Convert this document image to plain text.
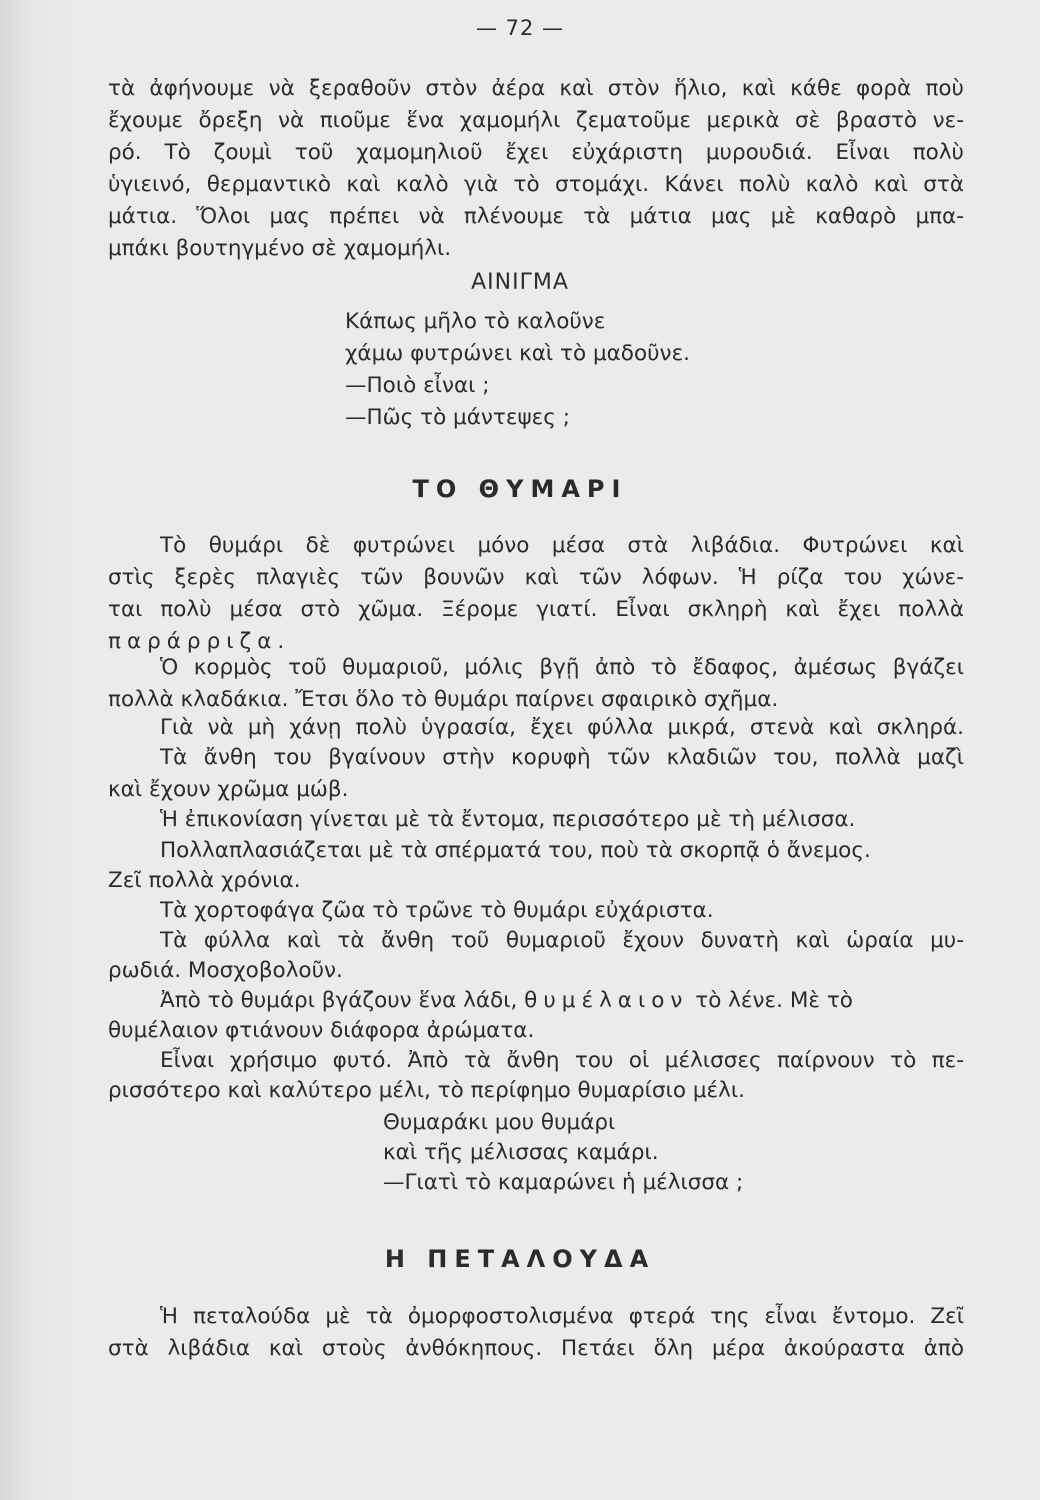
— 72 —
τὰ ἀφήνουμε νὰ ξεραθοῦν στὸν ἀέρα καὶ στὸν ἥλιο, καὶ κάθε φορὰ ποὺ
ἔχουμε ὄρεξη νὰ πιοῦμε ἕνα χαμομήλι ζεματοῦμε μερικὰ σὲ βραστὸ νε-
ρό. Τὸ ζουμὶ τοῦ χαμομηλιοῦ ἔχει εὐχάριστη μυρουδιά. Εἶναι πολὺ
ὑγιεινό, θερμαντικὸ καὶ καλὸ γιὰ τὸ στομάχι. Κάνει πολὺ καλὸ καὶ στὰ
μάτια. Ὅλοι μας πρέπει νὰ πλένουμε τὰ μάτια μας μὲ καθαρὸ μπα-
μπάκι βουτηγμένο σὲ χαμομήλι.
ΑΙΝΙΓΜΑ
Κάπως μῆλο τὸ καλοῦνε
χάμω φυτρώνει καὶ τὸ μαδοῦνε.
—Ποιὸ εἶναι ;
—Πῶς τὸ μάντεψες ;
ΤΟ ΘΥΜΑΡΙ
Τὸ θυμάρι δὲ φυτρώνει μόνο μέσα στὰ λιβάδια. Φυτρώνει καὶ
στὶς ξερὲς πλαγιὲς τῶν βουνῶν καὶ τῶν λόφων. Ἡ ρίζα του χώνε-
ται πολὺ μέσα στὸ χῶμα. Ξέρομε γιατί. Εἶναι σκληρὴ καὶ ἔχει πολλὰ
παράρριζα.
Ὁ κορμὸς τοῦ θυμαριοῦ, μόλις βγῇ ἀπὸ τὸ ἔδαφος, ἀμέσως βγάζει
πολλὰ κλαδάκια. Ἔτσι ὅλο τὸ θυμάρι παίρνει σφαιρικὸ σχῆμα.
Γιὰ νὰ μὴ χάνῃ πολὺ ὑγρασία, ἔχει φύλλα μικρά, στενὰ καὶ σκληρά.
Τὰ ἄνθη του βγαίνουν στὴν κορυφὴ τῶν κλαδιῶν του, πολλὰ μαζὶ
καὶ ἔχουν χρῶμα μώβ.
Ἡ ἐπικονίαση γίνεται μὲ τὰ ἔντομα, περισσότερο μὲ τὴ μέλισσα.
Πολλαπλασιάζεται μὲ τὰ σπέρματά του, ποὺ τὰ σκορπᾷ ὁ ἄνεμος.
Ζεῖ πολλὰ χρόνια.
Τὰ χορτοφάγα ζῶα τὸ τρῶνε τὸ θυμάρι εὐχάριστα.
Τὰ φύλλα καὶ τὰ ἄνθη τοῦ θυμαριοῦ ἔχουν δυνατὴ καὶ ὡραία μυ-
ρωδιά. Μοσχοβολοῦν.
Ἀπὸ τὸ θυμάρι βγάζουν ἕνα λάδι, θυμέλαιον τὸ λένε. Μὲ τὸ
θυμέλαιον φτιάνουν διάφορα ἀρώματα.
Εἶναι χρήσιμο φυτό. Ἀπὸ τὰ ἄνθη του οἱ μέλισσες παίρνουν τὸ πε-
ρισσότερο καὶ καλύτερο μέλι, τὸ περίφημο θυμαρίσιο μέλι.
Θυμαράκι μου θυμάρι
καὶ τῆς μέλισσας καμάρι.
—Γιατὶ τὸ καμαρώνει ἡ μέλισσα ;
Η ΠΕΤΑΛΟΥΔΑ
Ἡ πεταλούδα μὲ τὰ ὀμορφοστολισμένα φτερά της εἶναι ἔντομο. Ζεῖ
στὰ λιβάδια καὶ στοὺς ἀνθόκηπους. Πετάει ὅλη μέρα ἀκούραστα ἀπὸ
